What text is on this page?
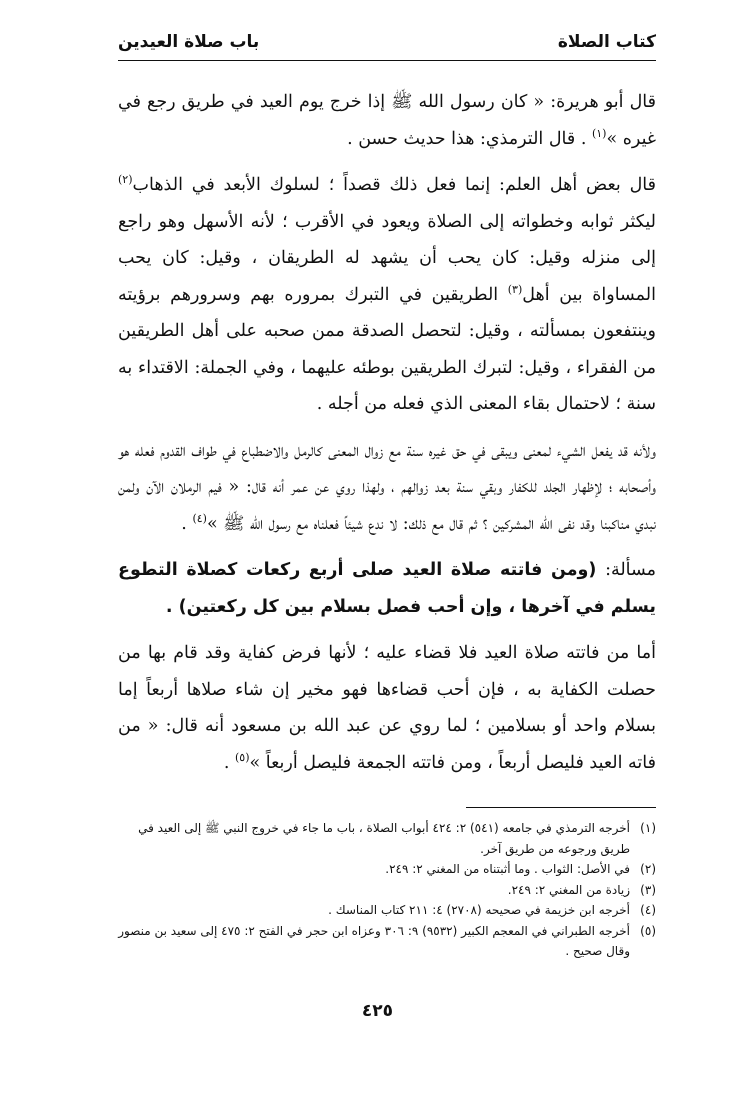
كتاب الصلاة
باب صلاة العيدين

قال أبو هريرة: « كان رسول الله ﷺ إذا خرج يوم العيد في طريق رجع في غيره »$^{(١)}$ . قال الترمذي: هذا حديث حسن .

قال بعض أهل العلم: إنما فعل ذلك قصداً ؛ لسلوك الأبعد في الذهاب$^{(٢)}$ ليكثر ثوابه وخطواته إلى الصلاة ويعود في الأقرب ؛ لأنه الأسهل وهو راجع إلى منزله وقيل: كان يحب أن يشهد له الطريقان ، وقيل: كان يحب المساواة بين أهل$^{(٣)}$ الطريقين في التبرك بمروره بهم وسرورهم برؤيته وينتفعون بمسألته ، وقيل: لتحصل الصدقة ممن صحبه على أهل الطريقين من الفقراء ، وقيل: لتبرك الطريقين بوطئه عليهما ، وفي الجملة: الاقتداء به سنة ؛ لاحتمال بقاء المعنى الذي فعله من أجله .

ولأنه قد يفعل الشيء لمعنى ويبقى في حق غيره سنة مع زوال المعنى كالرمل والاضطباع في طواف القدوم فعله هو وأصحابه ؛ لإظهار الجلد للكفار وبقي سنة بعد زوالهم ، ولهذا روي عن عمر أنه قال: « فيم الرملان الآن ولمن نبدي مناكبنا وقد نفى الله المشركين ؟ ثم قال مع ذلك: لا ندع شيئاً فعلناه مع رسول الله ﷺ »$^{(٤)}$ .

مسألة: (ومن فاتته صلاة العيد صلى أربع ركعات كصلاة التطوع يسلم في آخرها ، وإن أحب فصل بسلام بين كل ركعتين) .

أما من فاتته صلاة العيد فلا قضاء عليه ؛ لأنها فرض كفاية وقد قام بها من حصلت الكفاية به ، فإن أحب قضاءها فهو مخير إن شاء صلاها أربعاً إما بسلام واحد أو بسلامين ؛ لما روي عن عبد الله بن مسعود أنه قال: « من فاته العيد فليصل أربعاً ، ومن فاتته الجمعة فليصل أربعاً »$^{(٥)}$ .

(١)
أخرجه الترمذي في جامعه (٥٤١) ٢: ٤٢٤ أبواب الصلاة ، باب ما جاء في خروج النبي ﷺ إلى العيد في طريق ورجوعه من طريق آخر.
(٢)
في الأصل: الثواب . وما أثبتناه من المغني ٢: ٢٤٩.
(٣)
زيادة من المغني ٢: ٢٤٩.
(٤)
أخرجه ابن خزيمة في صحيحه (٢٧٠٨) ٤: ٢١١ كتاب المناسك .
(٥)
أخرجه الطبراني في المعجم الكبير (٩٥٣٢) ٩: ٣٠٦ وعزاه ابن حجر في الفتح ٢: ٤٧٥ إلى سعيد بن منصور وقال صحيح .
٤٢٥
